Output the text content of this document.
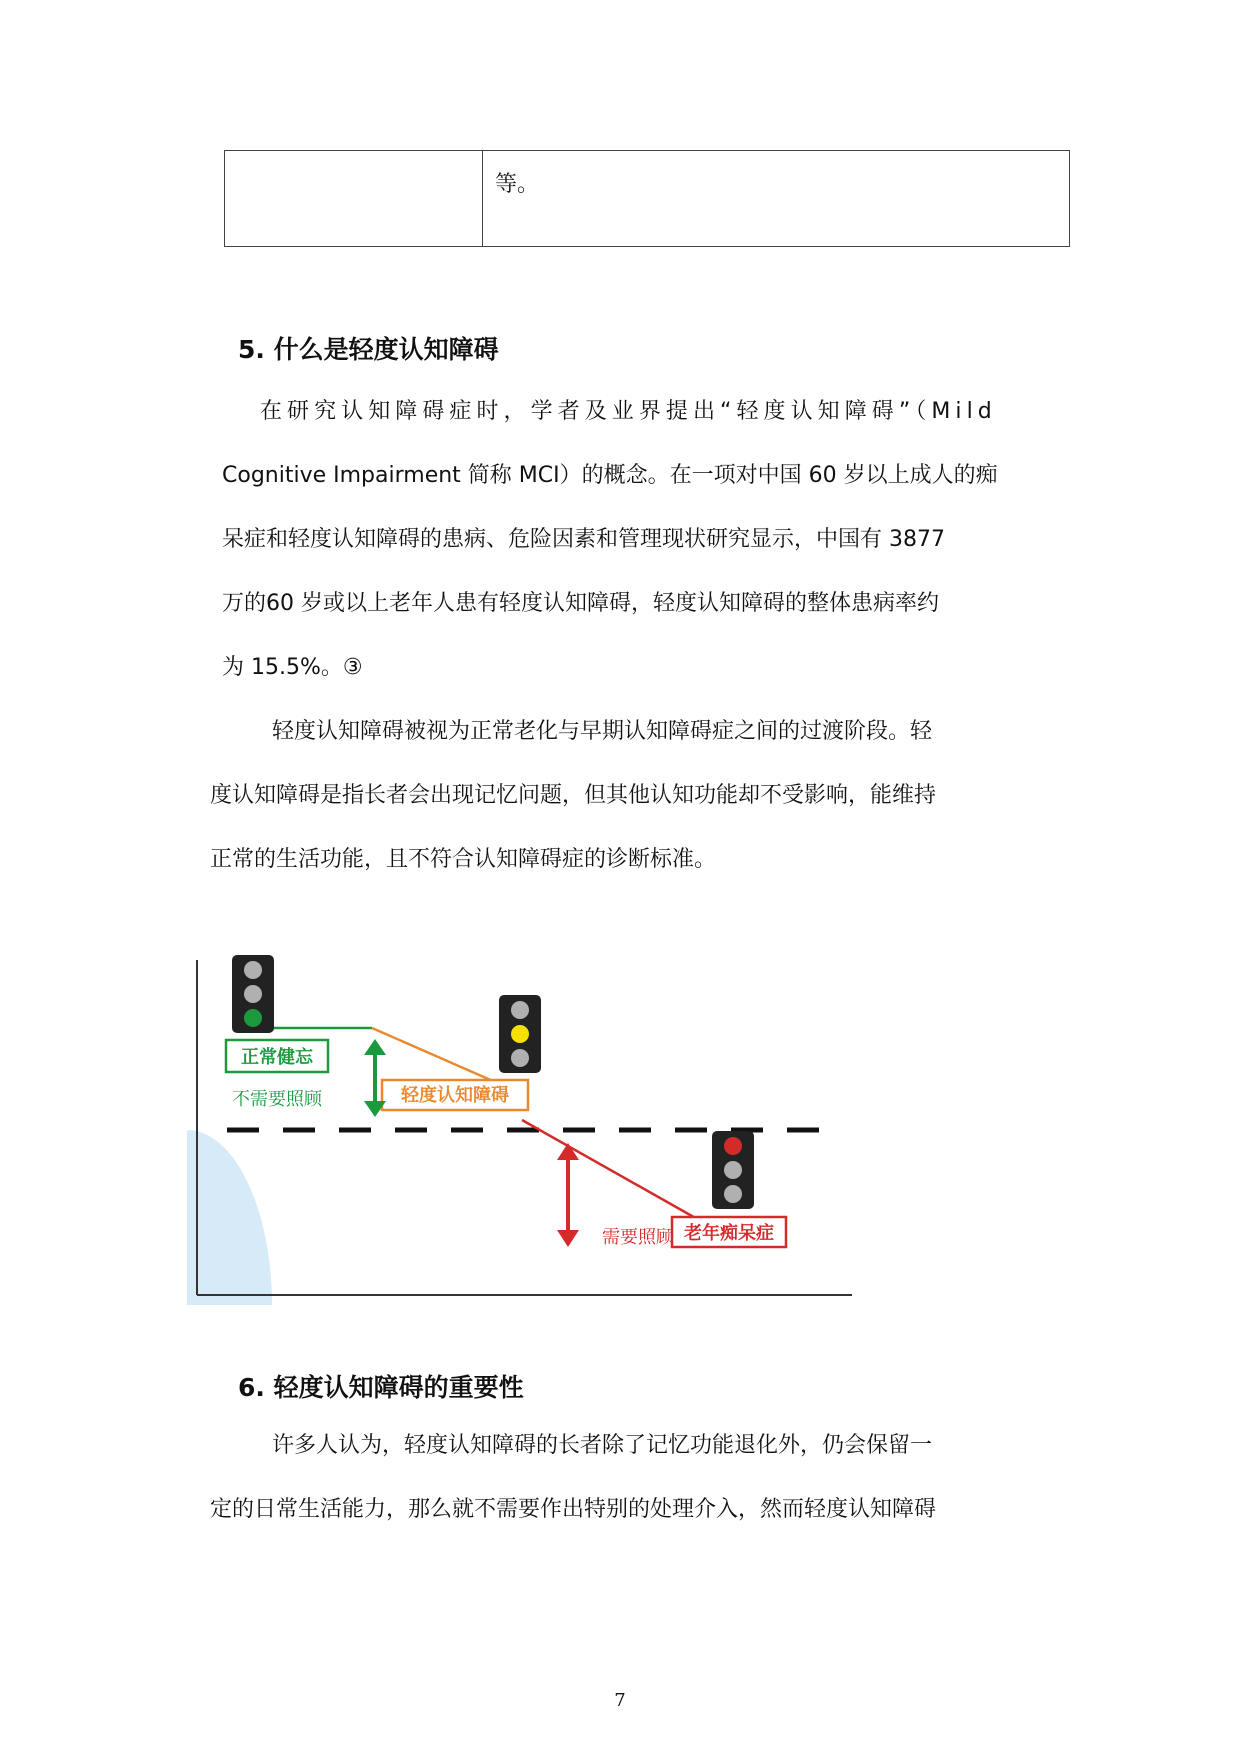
等。
5. 什么是轻度认知障碍
在研究认知障碍症时，学者及业界提出“轻度认知障碍”（Mild
Cognitive Impairment 简称 MCI）的概念。在一项对中国 60 岁以上成人的痴
呆症和轻度认知障碍的患病、危险因素和管理现状研究显示，中国有 3877
万的60 岁或以上老年人患有轻度认知障碍，轻度认知障碍的整体患病率约
为 15.5%。③
轻度认知障碍被视为正常老化与早期认知障碍症之间的过渡阶段。轻
度认知障碍是指长者会出现记忆问题，但其他认知功能却不受影响，能维持
正常的生活功能，且不符合认知障碍症的诊断标准。
正常健忘
轻度认知障碍
老年痴呆症
不需要照顾
需要照顾
6. 轻度认知障碍的重要性
许多人认为，轻度认知障碍的长者除了记忆功能退化外，仍会保留一
定的日常生活能力，那么就不需要作出特别的处理介入，然而轻度认知障碍
7
